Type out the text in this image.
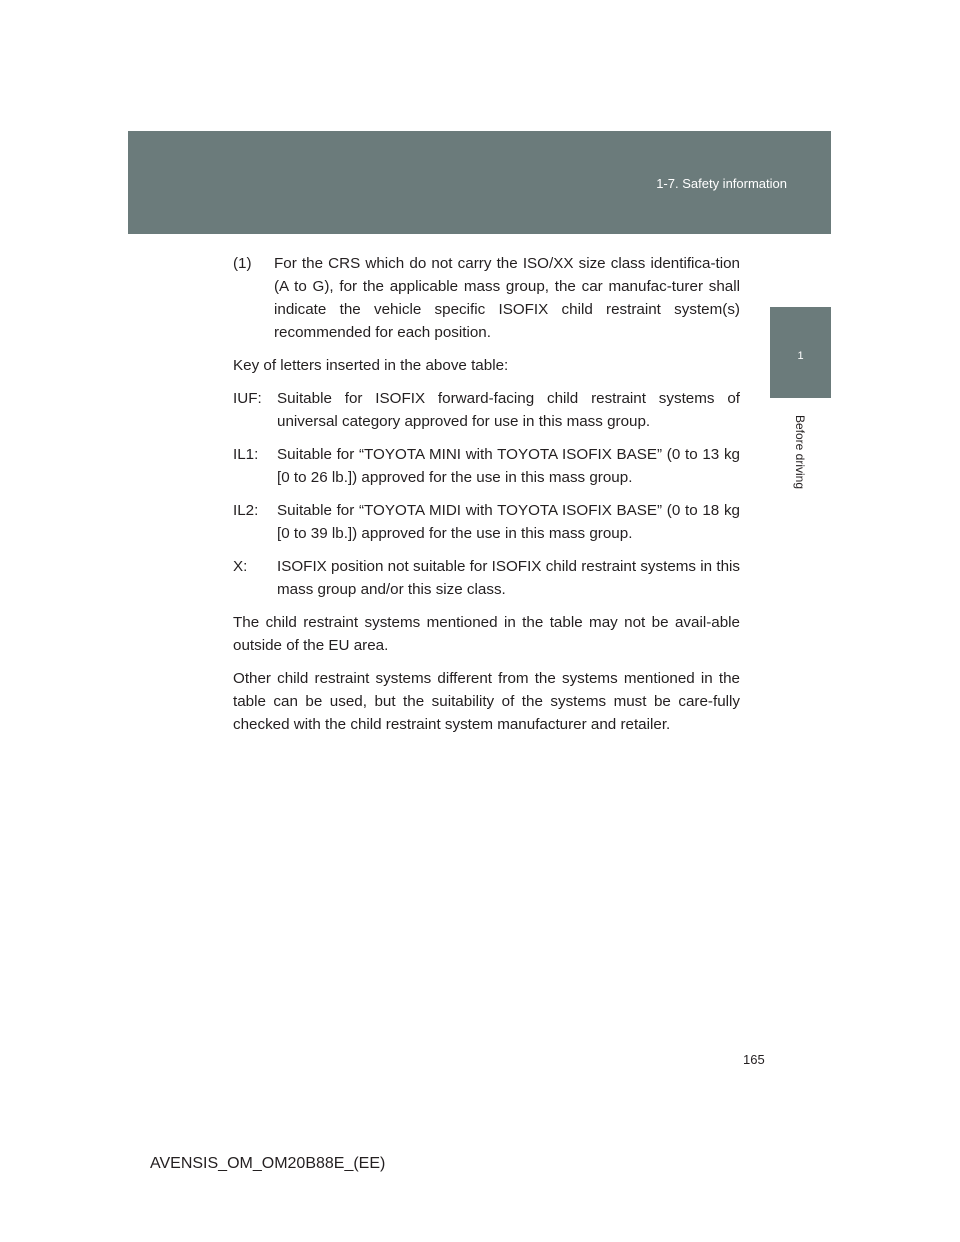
1-7. Safety information
1
Before driving
(1)	For the CRS which do not carry the ISO/XX size class identifica-tion (A to G), for the applicable mass group, the car manufac-turer shall indicate the vehicle specific ISOFIX child restraint system(s) recommended for each position.

Key of letters inserted in the above table:

IUF:	Suitable for ISOFIX forward-facing child restraint systems of universal category approved for use in this mass group.
IL1:	Suitable for “TOYOTA MINI with TOYOTA ISOFIX BASE” (0 to 13 kg [0 to 26 lb.]) approved for the use in this mass group.
IL2:	Suitable for “TOYOTA MIDI with TOYOTA ISOFIX BASE” (0 to 18 kg [0 to 39 lb.]) approved for the use in this mass group.
X:	ISOFIX position not suitable for ISOFIX child restraint systems in this mass group and/or this size class.

The child restraint systems mentioned in the table may not be avail-able outside of the EU area.

Other child restraint systems different from the systems mentioned in the table can be used, but the suitability of the systems must be care-fully checked with the child restraint system manufacturer and retailer.

165
AVENSIS_OM_OM20B88E_(EE)
